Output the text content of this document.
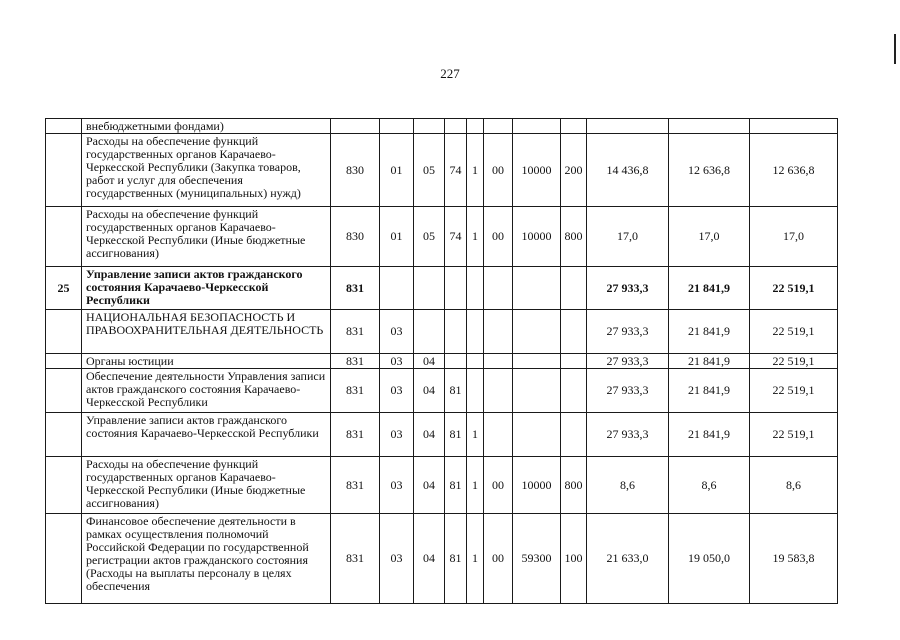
227
	внебюджетными фондами)											
	Расходы на обеспечение функций государственных органов Карачаево-Черкесской Республики (Закупка товаров, работ и услуг для обеспечения государственных (муниципальных) нужд)	830	01	05	74	1	00	10000	200	14 436,8	12 636,8	12 636,8
	Расходы на обеспечение функций государственных органов Карачаево-Черкесской Республики (Иные бюджетные ассигнования)	830	01	05	74	1	00	10000	800	17,0	17,0	17,0
25	Управление записи актов гражданского состояния Карачаево-Черкесской Республики	831								27 933,3	21 841,9	22 519,1
	НАЦИОНАЛЬНАЯ БЕЗОПАСНОСТЬ И ПРАВООХРАНИТЕЛЬНАЯ ДЕЯТЕЛЬНОСТЬ	831	03							27 933,3	21 841,9	22 519,1
	Органы юстиции	831	03	04						27 933,3	21 841,9	22 519,1
	Обеспечение деятельности Управления записи актов гражданского состояния Карачаево-Черкесской Республики	831	03	04	81					27 933,3	21 841,9	22 519,1
	Управление записи актов гражданского состояния Карачаево-Черкесской Республики	831	03	04	81	1				27 933,3	21 841,9	22 519,1
	Расходы на обеспечение функций государственных органов Карачаево-Черкесской Республики (Иные бюджетные ассигнования)	831	03	04	81	1	00	10000	800	8,6	8,6	8,6
	Финансовое обеспечение деятельности в рамках осуществления полномочий Российской Федерации по государственной регистрации актов гражданского состояния (Расходы на выплаты персоналу в целях обеспечения	831	03	04	81	1	00	59300	100	21 633,0	19 050,0	19 583,8
